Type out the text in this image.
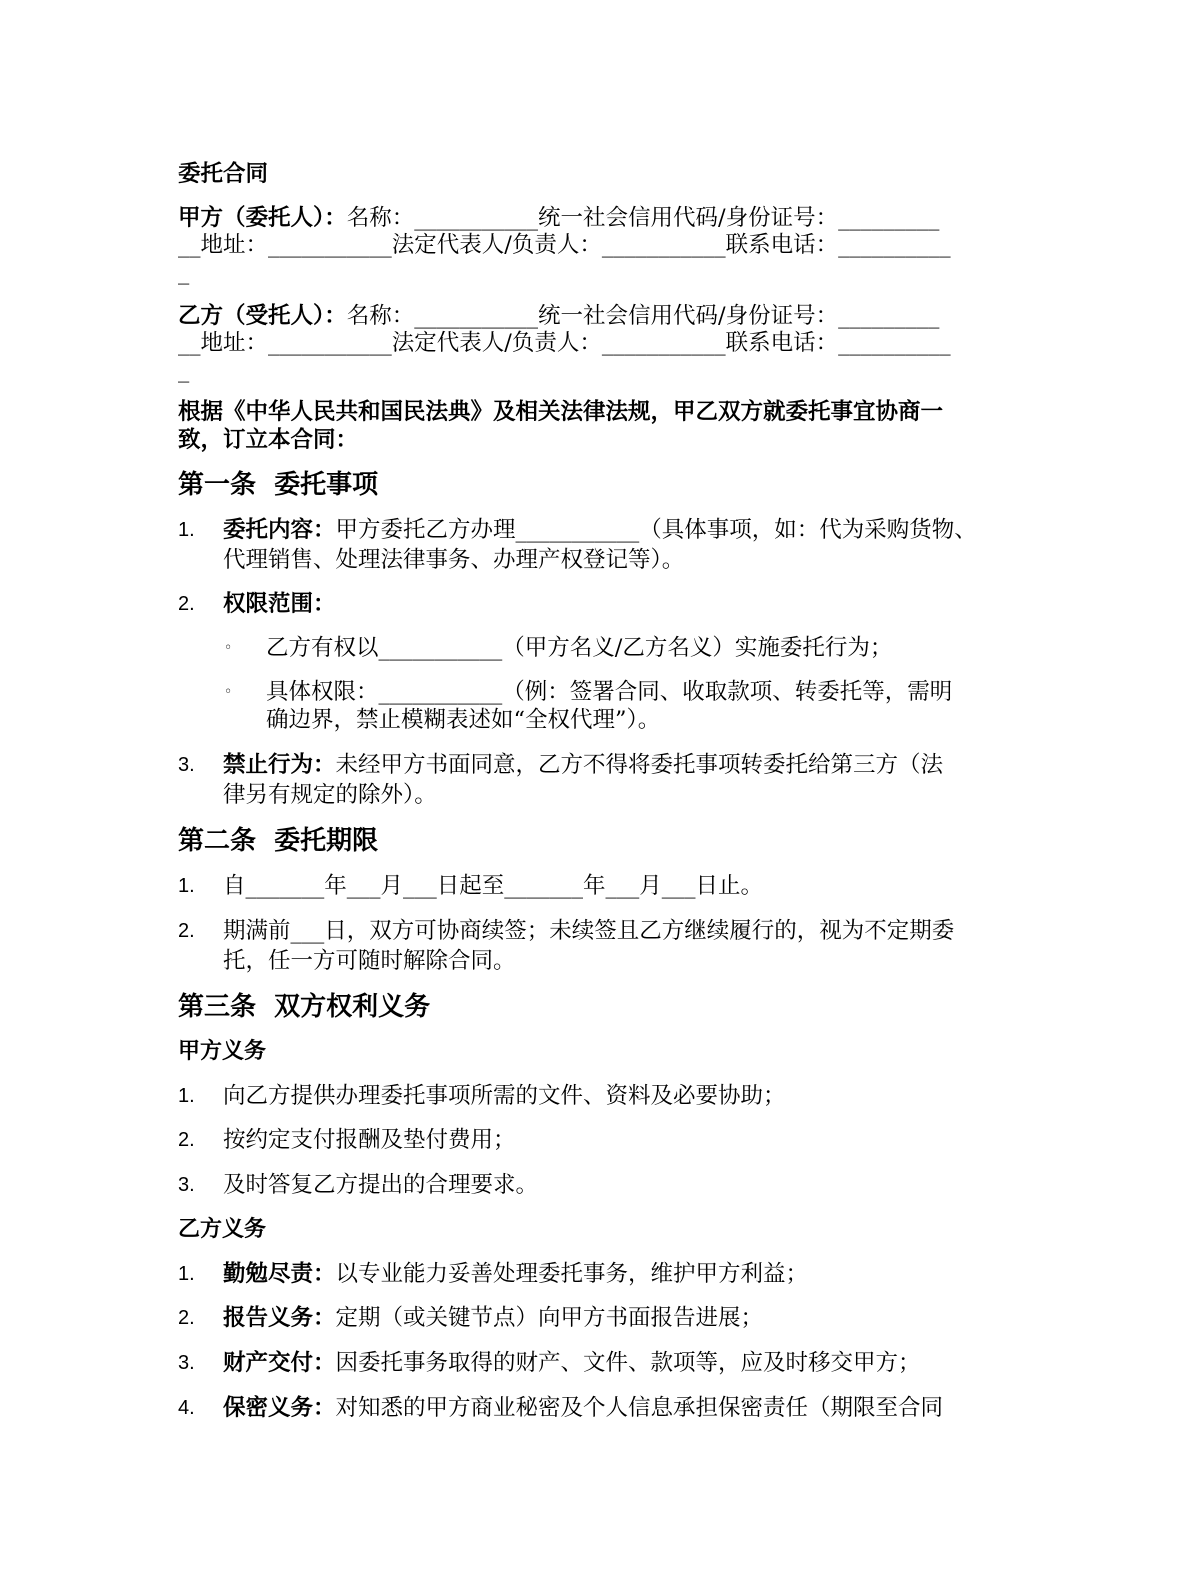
委托合同
甲方（委托人）：名称：___________统一社会信用代码/身份证号：_________
__地址：___________法定代表人/负责人：___________联系电话：__________
_
乙方（受托人）：名称：___________统一社会信用代码/身份证号：_________
__地址：___________法定代表人/负责人：___________联系电话：__________
_
根据《中华人民共和国民法典》及相关法律法规，甲乙双方就委托事宜协商一
致，订立本合同：
第一条  委托事项
1. 委托内容：甲方委托乙方办理___________（具体事项，如：代为采购货物、
代理销售、处理法律事务、办理产权登记等）。
2. 权限范围：
◦ 乙方有权以___________（甲方名义/乙方名义）实施委托行为；
◦ 具体权限：___________（例：签署合同、收取款项、转委托等，需明
确边界，禁止模糊表述如“全权代理”）。
3. 禁止行为：未经甲方书面同意，乙方不得将委托事项转委托给第三方（法
律另有规定的除外）。
第二条  委托期限
1. 自_______年___月___日起至_______年___月___日止。
2. 期满前___日，双方可协商续签；未续签且乙方继续履行的，视为不定期委
托，任一方可随时解除合同。
第三条  双方权利义务
甲方义务
1. 向乙方提供办理委托事项所需的文件、资料及必要协助；
2. 按约定支付报酬及垫付费用；
3. 及时答复乙方提出的合理要求。
乙方义务
1. 勤勉尽责：以专业能力妥善处理委托事务，维护甲方利益；
2. 报告义务：定期（或关键节点）向甲方书面报告进展；
3. 财产交付：因委托事务取得的财产、文件、款项等，应及时移交甲方；
4. 保密义务：对知悉的甲方商业秘密及个人信息承担保密责任（期限至合同
